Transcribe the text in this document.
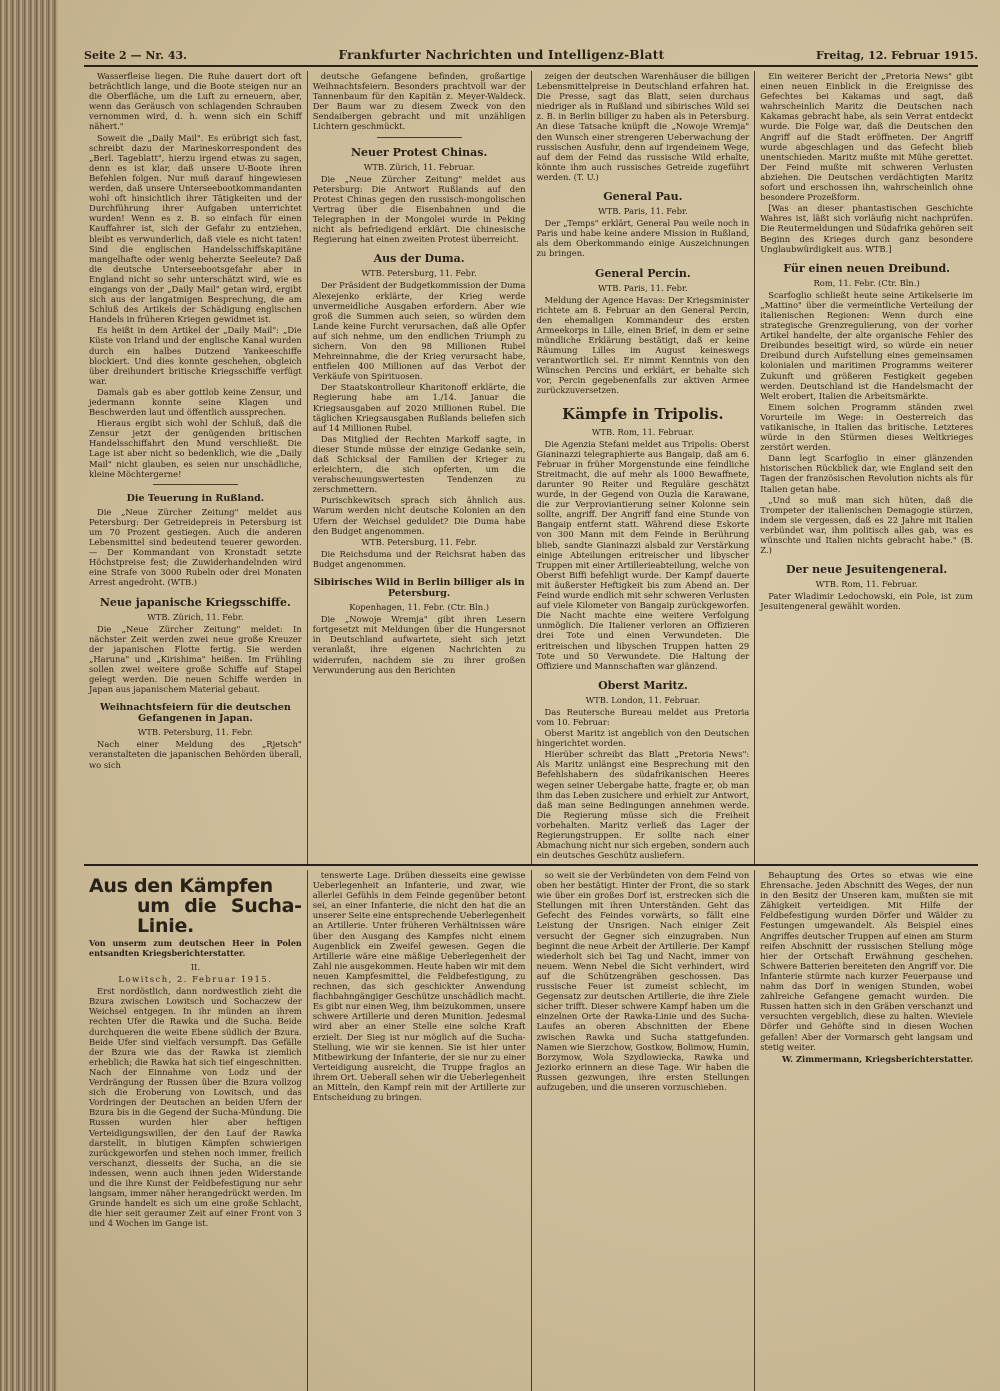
Seite 2 — Nr. 43.	Frankfurter Nachrichten und Intelligenz-Blatt	Freitag, 12. Februar 1915.

Wasserfleise liegen. Die Ruhe dauert dort oft beträchtlich lange, und die Boote steigen nur an die Oberfläche, um die Luft zu erneuern, aber, wenn das Geräusch von schlagenden Schrauben vernommen wird, d. h. wenn sich ein Schiff nähert."

Soweit die „Daily Mail". Es erübrigt sich fast, schreibt dazu der Marineskorrespondent des „Berl. Tageblatt", hierzu irgend etwas zu sagen, denn es ist klar, daß unsere U-Boote ihren Befehlen folgen. Nur muß darauf hingewiesen werden, daß unsere Unterseebootkommandanten wohl oft hinsichtlich ihrer Tätigkeiten und der Durchführung ihrer Aufgaben unterrichtet wurden! Wenn es z. B. so einfach für einen Kauffahrer ist, sich der Gefahr zu entziehen, bleibt es verwunderlich, daß viele es nicht taten! Sind die englischen Handelsschiffskapitäne mangelhafte oder wenig beherzte Seeleute? Daß die deutsche Unterseebootsgefahr aber in England nicht so sehr unterschätzt wird, wie es eingangs von der „Daily Mail" getan wird, ergibt sich aus der langatmigen Besprechung, die am Schluß des Artikels der Schädigung englischen Handels in früheren Kriegen gewidmet ist.

Es heißt in dem Artikel der „Daily Mail": „Die Küste von Irland und der englische Kanal wurden durch ein halbes Dutzend Yankeeschiffe blockiert. Und dies konnte geschehen, obgleich über dreihundert britische Kriegsschiffe verfügt war.

Damals gab es aber gottlob keine Zensur, und jedermann konnte seine Klagen und Beschwerden laut und öffentlich aussprechen.

Hieraus ergibt sich wohl der Schluß, daß die Zensur jetzt der genügenden britischen Handelsschiffahrt den Mund verschließt. Die Lage ist aber nicht so bedenklich, wie die „Daily Mail" nicht glauben, es seien nur unschädliche, kleine Möchtergerne!

Die Teuerung in Rußland.

Die „Neue Zürcher Zeitung" meldet aus Petersburg: Der Getreidepreis in Petersburg ist um 70 Prozent gestiegen. Auch die anderen Lebensmittel sind bedeutend teuerer geworden. — Der Kommandant von Kronstadt setzte Höchstpreise fest; die Zuwiderhandelnden wird eine Strafe von 3000 Rubeln oder drei Monaten Arrest angedroht. (WTB.)

Neue japanische Kriegsschiffe.
WTB. Zürich, 11. Febr.

Die „Neue Zürcher Zeitung" meldet: In nächster Zeit werden zwei neue große Kreuzer der japanischen Flotte fertig. Sie werden „Haruna" und „Kirishima" heißen. Im Frühling sollen zwei weitere große Schiffe auf Stapel gelegt werden. Die neuen Schiffe werden in Japan aus japanischem Material gebaut.

Weihnachtsfeiern für die deutschen Gefangenen in Japan.
WTB. Petersburg, 11. Febr.

Nach einer Meldung des „Rjetsch" veranstalteten die japanischen Behörden überall, wo sich

deutsche Gefangene befinden, großartige Weihnachtsfeiern. Besonders prachtvoll war der Tannenbaum für den Kapitän z. Meyer-Waldeck. Der Baum war zu diesem Zweck von den Sendaibergen gebracht und mit unzähligen Lichtern geschmückt.

Neuer Protest Chinas.
WTB. Zürich, 11. Februar.

Die „Neue Zürcher Zeitung" meldet aus Petersburg: Die Antwort Rußlands auf den Protest Chinas gegen den russisch-mongolischen Vertrag über die Eisenbahnen und die Telegraphen in der Mongolei wurde in Peking nicht als befriedigend erklärt. Die chinesische Regierung hat einen zweiten Protest überreicht.

Aus der Duma.
WTB. Petersburg, 11. Febr.

Der Präsident der Budgetkommission der Duma Alexejenko erklärte, der Krieg werde unvermeidliche Ausgaben erfordern. Aber wie groß die Summen auch seien, so würden dem Lande keine Furcht verursachen, daß alle Opfer auf sich nehme, um den endlichen Triumph zu sichern. Von den 98 Millionen Rubel Mehreinnahme, die der Krieg verursacht habe, entfielen 400 Millionen auf das Verbot der Verkäufe von Spirituosen.

Der Staatskontrolleur Kharitonoff erklärte, die Regierung habe am 1./14. Januar die Kriegsausgaben auf 2020 Millionen Rubel. Die täglichen Kriegsausgaben Rußlands beliefen sich auf 14 Millionen Rubel.

Das Mitglied der Rechten Markoff sagte, in dieser Stunde müsse der einzige Gedanke sein, daß Schicksal der Familien der Krieger zu erleichtern, die sich opferten, um die verabscheuungswertesten Tendenzen zu zerschmettern.

Purischkewitsch sprach sich ähnlich aus. Warum werden nicht deutsche Kolonien an den Ufern der Weichsel geduldet? Die Duma habe den Budget angenommen.

WTB. Petersburg, 11. Febr.

Die Reichsduma und der Reichsrat haben das Budget angenommen.

Sibirisches Wild in Berlin billiger als in Petersburg.
Kopenhagen, 11. Febr. (Ctr. Bln.)

Die „Nowoje Wremja" gibt ihren Lesern fortgesetzt mit Meldungen über die Hungersnot in Deutschland aufwartete, sieht sich jetzt veranlaßt, ihre eigenen Nachrichten zu widerrufen, nachdem sie zu ihrer großen Verwunderung aus den Berichten

zeigen der deutschen Warenhäuser die billigen Lebensmittelpreise in Deutschland erfahren hat. Die Presse, sagt das Blatt, seien durchaus niedriger als in Rußland und sibirisches Wild sei z. B. in Berlin billiger zu haben als in Petersburg. An diese Tatsache knüpft die „Nowoje Wremja" den Wunsch einer strengeren Ueberwachung der russischen Ausfuhr, denn auf irgendeinem Wege, auf dem der Feind das russische Wild erhalte, könnte ihm auch russisches Getreide zugeführt werden. (T. U.)

General Pau.
WTB. Paris, 11. Febr.

Der „Temps" erklärt, General Pau weile noch in Paris und habe keine andere Mission in Rußland, als dem Oberkommando einige Auszeichnungen zu bringen.

General Percin.
WTB. Paris, 11. Febr.

Meldung der Agence Havas: Der Kriegsminister richtete am 8. Februar an den General Percin, den ehemaligen Kommandeur des ersten Armeekorps in Lille, einen Brief, in dem er seine mündliche Erklärung bestätigt, daß er keine Räumung Lilles im August keineswegs verantwortlich sei. Er nimmt Kenntnis von den Wünschen Percins und erklärt, er behalte sich vor, Percin gegebenenfalls zur aktiven Armee zurückzuversetzen.

Kämpfe in Tripolis.
WTB. Rom, 11. Februar.

Die Agenzia Stefani meldet aus Tripolis: Oberst Gianinazzi telegraphierte aus Bangaip, daß am 6. Februar in früher Morgenstunde eine feindliche Streitmacht, die auf mehr als 1000 Bewaffnete, darunter 90 Reiter und Reguläre geschätzt wurde, in der Gegend von Ouzla die Karawane, die zur Verproviantierung seiner Kolonne sein sollte, angriff. Der Angriff fand eine Stunde von Bangaip entfernt statt. Während diese Eskorte von 300 Mann mit dem Feinde in Berührung blieb, sandte Gianinazzi alsbald zur Verstärkung einige Abteilungen eritreischer und libyscher Truppen mit einer Artillerieabteilung, welche von Oberst Biffi befehligt wurde. Der Kampf dauerte mit äußerster Heftigkeit bis zum Abend an. Der Feind wurde endlich mit sehr schweren Verlusten auf viele Kilometer von Bangaip zurückgeworfen. Die Nacht machte eine weitere Verfolgung unmöglich. Die Italiener verloren an Offizieren drei Tote und einen Verwundeten. Die eritreischen und libyschen Truppen hatten 29 Tote und 50 Verwundete. Die Haltung der Offiziere und Mannschaften war glänzend.

Oberst Maritz.
WTB. London, 11. Februar.

Das Reutersche Bureau meldet aus Pretoria vom 10. Februar:

Oberst Maritz ist angeblich von den Deutschen hingerichtet worden.

Hierüber schreibt das Blatt „Pretoria News": Als Maritz unlängst eine Besprechung mit den Befehlshabern des südafrikanischen Heeres wegen seiner Uebergabe hatte, fragte er, ob man ihm das Leben zusichere und erhielt zur Antwort, daß man seine Bedingungen annehmen werde. Die Regierung müsse sich die Freiheit vorbehalten. Maritz verließ das Lager der Regierungstruppen. Er sollte nach einer Abmachung nicht nur sich ergeben, sondern auch ein deutsches Geschütz ausliefern.

Ein weiterer Bericht der „Pretoria News" gibt einen neuen Einblick in die Ereignisse des Gefechtes bei Kakamas und sagt, daß wahrscheinlich Maritz die Deutschen nach Kakamas gebracht habe, als sein Verrat entdeckt wurde. Die Folge war, daß die Deutschen den Angriff auf die Stadt eröffneten. Der Angriff wurde abgeschlagen und das Gefecht blieb unentschieden. Maritz mußte mit Mühe gerettet. Der Feind mußte mit schweren Verlusten abziehen. Die Deutschen verdächtigten Maritz sofort und erschossen ihn, wahrscheinlich ohne besondere Prozeßform.

[Was an dieser phantastischen Geschichte Wahres ist, läßt sich vorläufig nicht nachprüfen. Die Reutermeldungen und Südafrika gehören seit Beginn des Krieges durch ganz besondere Unglaubwürdigkeit aus. WTB.]

Für einen neuen Dreibund.
Rom, 11. Febr. (Ctr. Bln.)

Scarfoglio schließt heute seine Artikelserie im „Mattino" über die vermeintliche Verteilung der italienischen Regionen: Wenn durch eine strategische Grenzregulierung, von der vorher Artikel handelte, der alte organische Fehler des Dreibundes beseitigt wird, so würde ein neuer Dreibund durch Aufstellung eines gemeinsamen kolonialen und maritimen Programms weiterer Zukunft und größeren Festigkeit gegeben werden. Deutschland ist die Handelsmacht der Welt erobert, Italien die Arbeitsmärkte.

Einem solchen Programm ständen zwei Vorurteile im Wege: in Oesterreich das vatikanische, in Italien das britische. Letzteres würde in den Stürmen dieses Weltkrieges zerstört werden.

Dann legt Scarfoglio in einer glänzenden historischen Rückblick dar, wie England seit den Tagen der französischen Revolution nichts als für Italien getan habe.

„Und so muß man sich hüten, daß die Trompeter der italienischen Demagogie stürzen, indem sie vergessen, daß es 22 Jahre mit Italien verbündet war, ihm politisch alles gab, was es wünschte und Italien nichts gebracht habe." (B. Z.)

Der neue Jesuitengeneral.
WTB. Rom, 11. Februar.

Pater Wladimir Ledochowski, ein Pole, ist zum Jesuitengeneral gewählt worden.

Aus den Kämpfen
um die Sucha-Linie.
Von unserm zum deutschen Heer in Polen entsandten Kriegsberichterstatter.
II.
Lowitsch, 2. Februar 1915.

Erst nordöstlich, dann nordwestlich zieht die Bzura zwischen Lowitsch und Sochaczew der Weichsel entgegen. In ihr münden an ihrem rechten Ufer die Rawka und die Sucha. Beide durchqueren die weite Ebene südlich der Bzura. Beide Ufer sind vielfach versumpft. Das Gefälle der Bzura wie das der Rawka ist ziemlich erheblich; die Rawka hat sich tief eingeschnitten. Nach der Einnahme von Lodz und der Verdrängung der Russen über die Bzura vollzog sich die Eroberung von Lowitsch, und das Vordringen der Deutschen an beiden Ufern der Bzura bis in die Gegend der Sucha-Mündung. Die Russen wurden hier aber heftigen Verteidigungswillen, der den Lauf der Rawka darstellt, in blutigen Kämpfen schwierigen zurückgeworfen und stehen noch immer, freilich verschanzt, diesseits der Sucha, an die sie indessen, wenn auch ihnen jeden Widerstande und die ihre Kunst der Feldbefestigung nur sehr langsam, immer näher herangedrückt werden. Im Grunde handelt es sich um eine große Schlacht, die hier seit geraumer Zeit auf einer Front von 3 und 4 Wochen im Gange ist.

tenswerte Lage. Drüben diesseits eine gewisse Ueberlegenheit an Infanterie, und zwar, wie allerlei Gefühls in dem Feinde gegenüber betont sei, an einer Infanterie, die nicht den hat die an unserer Seite eine entsprechende Ueberlegenheit an Artillerie. Unter früheren Verhältnissen wäre über den Ausgang des Kampfes nicht einem Augenblick ein Zweifel gewesen. Gegen die Artillerie wäre eine mäßige Ueberlegenheit der Zahl nie ausgekommen. Heute haben wir mit dem neuen Kampfesmittel, die Feldbefestigung, zu rechnen, das sich geschickter Anwendung flachbahngängiger Geschütze unschädlich macht. Es gibt nur einen Weg, ihm beizukommen, unsere schwere Artillerie und deren Munition. Jedesmal wird aber an einer Stelle eine solche Kraft erzielt. Der Sieg ist nur möglich auf die Sucha-Stellung, wie wir sie kennen. Sie ist hier unter Mitbewirkung der Infanterie, der sie nur zu einer Verteidigung ausreicht, die Truppe fraglos an ihrem Ort. Ueberall sehen wir die Ueberlegenheit an Mitteln, den Kampf rein mit der Artillerie zur Entscheidung zu bringen.

so weit sie der Verbündeten von dem Feind von oben her bestätigt. Hinter der Front, die so stark wie über ein großes Dorf ist, erstrecken sich die Stellungen mit ihren Unterständen. Geht das Gefecht des Feindes vorwärts, so fällt eine Leistung der Unsrigen. Nach einiger Zeit versucht der Gegner sich einzugraben. Nun beginnt die neue Arbeit der Artillerie. Der Kampf wiederholt sich bei Tag und Nacht, immer von neuem. Wenn Nebel die Sicht verhindert, wird auf die Schützengräben geschossen. Das russische Feuer ist zumeist schlecht, im Gegensatz zur deutschen Artillerie, die ihre Ziele sicher trifft. Dieser schwere Kampf haben um die einzelnen Orte der Rawka-Linie und des Sucha-Laufes an oberen Abschnitten der Ebene zwischen Rawka und Sucha stattgefunden. Namen wie Sierzchow, Gostkow, Bolimow, Humin, Borzymow, Wola Szydlowiecka, Rawka und Jeziorko erinnern an diese Tage. Wir haben die Russen gezwungen, ihre ersten Stellungen aufzugeben, und die unseren vorzuschieben.

Behauptung des Ortes so etwas wie eine Ehrensache. Jeden Abschnitt des Weges, der nun in den Besitz der Unseren kam, mußten sie mit Zähigkeit verteidigen. Mit Hilfe der Feldbefestigung wurden Dörfer und Wälder zu Festungen umgewandelt. Als Beispiel eines Angriffes deutscher Truppen auf einen am Sturm reifen Abschnitt der russischen Stellung möge hier der Ortschaft Erwähnung geschehen. Schwere Batterien bereiteten den Angriff vor. Die Infanterie stürmte nach kurzer Feuerpause und nahm das Dorf in wenigen Stunden, wobei zahlreiche Gefangene gemacht wurden. Die Russen hatten sich in den Gräben verschanzt und versuchten vergeblich, diese zu halten. Wieviele Dörfer und Gehöfte sind in diesen Wochen gefallen! Aber der Vormarsch geht langsam und stetig weiter.

W. Zimmermann, Kriegsberichterstatter.
